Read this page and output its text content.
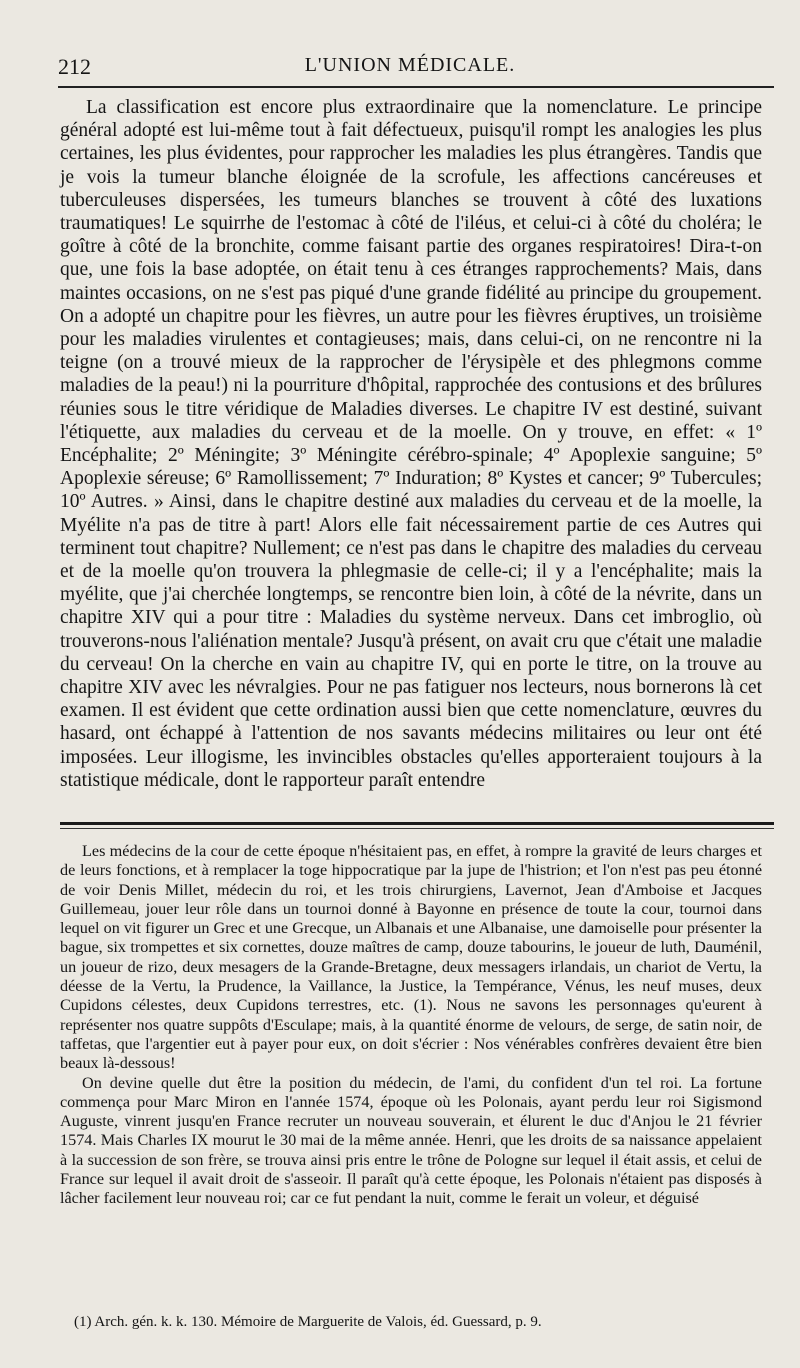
212	L'UNION MÉDICALE.

La classification est encore plus extraordinaire que la nomenclature. Le principe général adopté est lui-même tout à fait défectueux, puisqu'il rompt les analogies les plus certaines, les plus évidentes, pour rapprocher les maladies les plus étrangères. Tandis que je vois la tumeur blanche éloignée de la scrofule, les affections cancéreuses et tuberculeuses dispersées, les tumeurs blanches se trouvent à côté des luxations traumatiques! Le squirrhe de l'estomac à côté de l'iléus, et celui-ci à côté du choléra; le goître à côté de la bronchite, comme faisant partie des organes respiratoires! Dira-t-on que, une fois la base adoptée, on était tenu à ces étranges rapprochements? Mais, dans maintes occasions, on ne s'est pas piqué d'une grande fidélité au principe du groupement. On a adopté un chapitre pour les fièvres, un autre pour les fièvres éruptives, un troisième pour les maladies virulentes et contagieuses; mais, dans celui-ci, on ne rencontre ni la teigne (on a trouvé mieux de la rapprocher de l'érysipèle et des phlegmons comme maladies de la peau!) ni la pourriture d'hôpital, rapprochée des contusions et des brûlures réunies sous le titre véridique de Maladies diverses. Le chapitre IV est destiné, suivant l'étiquette, aux maladies du cerveau et de la moelle. On y trouve, en effet: « 1º Encéphalite; 2º Méningite; 3º Méningite cérébro-spinale; 4º Apoplexie sanguine; 5º Apoplexie séreuse; 6º Ramollissement; 7º Induration; 8º Kystes et cancer; 9º Tubercules; 10º Autres. » Ainsi, dans le chapitre destiné aux maladies du cerveau et de la moelle, la Myélite n'a pas de titre à part! Alors elle fait nécessairement partie de ces Autres qui terminent tout chapitre? Nullement; ce n'est pas dans le chapitre des maladies du cerveau et de la moelle qu'on trouvera la phlegmasie de celle-ci; il y a l'encéphalite; mais la myélite, que j'ai cherchée longtemps, se rencontre bien loin, à côté de la névrite, dans un chapitre XIV qui a pour titre : Maladies du système nerveux. Dans cet imbroglio, où trouverons-nous l'aliénation mentale? Jusqu'à présent, on avait cru que c'était une maladie du cerveau! On la cherche en vain au chapitre IV, qui en porte le titre, on la trouve au chapitre XIV avec les névralgies. Pour ne pas fatiguer nos lecteurs, nous bornerons là cet examen. Il est évident que cette ordination aussi bien que cette nomenclature, œuvres du hasard, ont échappé à l'attention de nos savants médecins militaires ou leur ont été imposées. Leur illogisme, les invincibles obstacles qu'elles apporteraient toujours à la statistique médicale, dont le rapporteur paraît entendre

Les médecins de la cour de cette époque n'hésitaient pas, en effet, à rompre la gravité de leurs charges et de leurs fonctions, et à remplacer la toge hippocratique par la jupe de l'histrion; et l'on n'est pas peu étonné de voir Denis Millet, médecin du roi, et les trois chirurgiens, Lavernot, Jean d'Amboise et Jacques Guillemeau, jouer leur rôle dans un tournoi donné à Bayonne en présence de toute la cour, tournoi dans lequel on vit figurer un Grec et une Grecque, un Albanais et une Albanaise, une damoiselle pour présenter la bague, six trompettes et six cornettes, douze maîtres de camp, douze tabourins, le joueur de luth, Dauménil, un joueur de rizo, deux mesagers de la Grande-Bretagne, deux messagers irlandais, un chariot de Vertu, la déesse de la Vertu, la Prudence, la Vaillance, la Justice, la Tempérance, Vénus, les neuf muses, deux Cupidons célestes, deux Cupidons terrestres, etc. (1). Nous ne savons les personnages qu'eurent à représenter nos quatre suppôts d'Esculape; mais, à la quantité énorme de velours, de serge, de satin noir, de taffetas, que l'argentier eut à payer pour eux, on doit s'écrier : Nos vénérables confrères devaient être bien beaux là-dessous!

On devine quelle dut être la position du médecin, de l'ami, du confident d'un tel roi. La fortune commença pour Marc Miron en l'année 1574, époque où les Polonais, ayant perdu leur roi Sigismond Auguste, vinrent jusqu'en France recruter un nouveau souverain, et élurent le duc d'Anjou le 21 février 1574. Mais Charles IX mourut le 30 mai de la même année. Henri, que les droits de sa naissance appelaient à la succession de son frère, se trouva ainsi pris entre le trône de Pologne sur lequel il était assis, et celui de France sur lequel il avait droit de s'asseoir. Il paraît qu'à cette époque, les Polonais n'étaient pas disposés à lâcher facilement leur nouveau roi; car ce fut pendant la nuit, comme le ferait un voleur, et déguisé

(1) Arch. gén. k. k. 130. Mémoire de Marguerite de Valois, éd. Guessard, p. 9.
